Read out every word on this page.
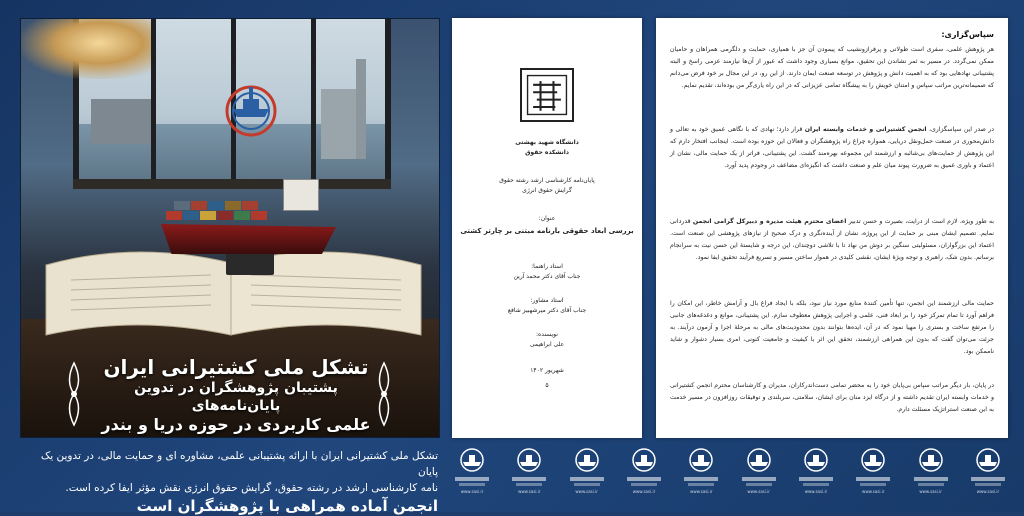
تشکل ملی کشتیرانی ایران
پشتیبان پژوهشگران در تدوین پایان‌نامه‌های
علمی کاربردی در حوزه دریا و بندر
دانشگاه شهید بهشتی
دانشکده حقوق
پایان‌نامه کارشناسی ارشد رشته حقوق
گرایش حقوق انرژی
عنوان:
بررسی ابعاد حقوقی بارنامه مبتنی بر چارتر کشتی
استاد راهنما:
جناب آقای دکتر محمد آرین
استاد مشاور:
جناب آقای دکتر میرشهبیز شافع
نویسنده:
علی ابراهیمی
شهریور ۱۴۰۲
۵
سپاس‌گزاری:
هر پژوهش علمی، سفری است طولانی و پرفرازونشیب که پیمودن آن جز با همیاری، حمایت و دلگرمی همراهان و حامیان ممکن نمی‌گردد. در مسیر به ثمر نشاندن این تحقیق، موانع بسیاری وجود داشت که عبور از آن‌ها نیازمند عزمی راسخ و البته پشتیبانی نهادهایی بود که به اهمیت دانش و پژوهش در توسعه صنعت ایمان دارند. از این رو، در این مجال بر خود فرض می‌دانم که صمیمانه‌ترین مراتب سپاس و امتنان خویش را به پیشگاه تمامی عزیزانی که در این راه یاری‌گر من بوده‌اند، تقدیم نمایم.
در صدر این سپاسگزاری، انجمن کشتیرانی و خدمات وابسته ایران قرار دارد؛ نهادی که با نگاهی عمیق خود به تعالی و دانش‌محوری در صنعت حمل‌ونقل دریایی، همواره چراغ راه پژوهشگران و فعالان این حوزه بوده است. اینجانب افتخار دارم که این پژوهش از حمایت‌های بی‌شائبه و ارزشمند این مجموعه بهره‌مند گشت. این پشتیبانی، فراتر از یک حمایت مالی، نشان از اعتماد و باوری عمیق به ضرورت پیوند میان علم و صنعت داشت که انگیزه‌ای مضاعف در وجودم پدید آورد.
به طور ویژه، لازم است از درایت، بصیرت و حسن تدبیر اعضای محترم هیئت مدیره و دبیرکل گرامی انجمن قدردانی نمایم. تصمیم ایشان مبنی بر حمایت از این پروژه، نشان از آینده‌نگری و درک صحیح از نیازهای پژوهشی این صنعت است. اعتماد این بزرگواران، مسئولیتی سنگین بر دوش من نهاد تا با تلاشی دوچندان، این درجه و شایستهٔ این حسن نیت به سرانجام برسانم. بدون شک، راهبری و توجه ویژهٔ ایشان، نقشی کلیدی در هموار ساختن مسیر و تسریع فرآیند تحقیق ایفا نمود.
حمایت مالی ارزشمند این انجمن، تنها تأمین کنندهٔ منابع مورد نیاز نبود، بلکه با ایجاد فراغ بال و آرامش خاطر، این امکان را فراهم آورد تا تمام تمرکز خود را بر ابعاد فنی، علمی و اجرایی پژوهش معطوف سازم. این پشتیبانی، موانع و دغدغه‌های جانبی را مرتفع ساخت و بستری را مهیا نمود که در آن، ایده‌ها بتوانند بدون محدودیت‌های مالی به مرحلهٔ اجرا و آزمون درآیند. به جرئت می‌توان گفت که بدون این همراهی ارزشمند، تحقق این اثر با کیفیت و جامعیت کنونی، امری بسیار دشوار و شاید ناممکن بود.
در پایان، بار دیگر مراتب سپاس بی‌پایان خود را به محضر تمامی دست‌اندرکاران، مدیران و کارشناسان محترم انجمن کشتیرانی و خدمات وابسته ایران تقدیم داشته و از درگاه ایزد منان برای ایشان، سلامتی، سربلندی و توفیقات روزافزون در مسیر خدمت به این صنعت استراتژیک مسئلت دارم.
تشکل ملی کشتیرانی ایران با ارائه پشتیبانی علمی، مشاوره ای و حمایت مالی، در تدوین یک پایان
نامه کارشناسی ارشد در رشته حقوق، گرایش حقوق انرژی نقش مؤثر ایفا کرده است.
انجمن آماده همراهی با پژوهشگران است
www.sasi.ir	www.sasi.ir	www.sasi.ir	www.sasi.ir	www.sasi.ir	www.sasi.ir	www.sasi.ir	www.sasi.ir	www.sasi.ir	www.sasi.ir
